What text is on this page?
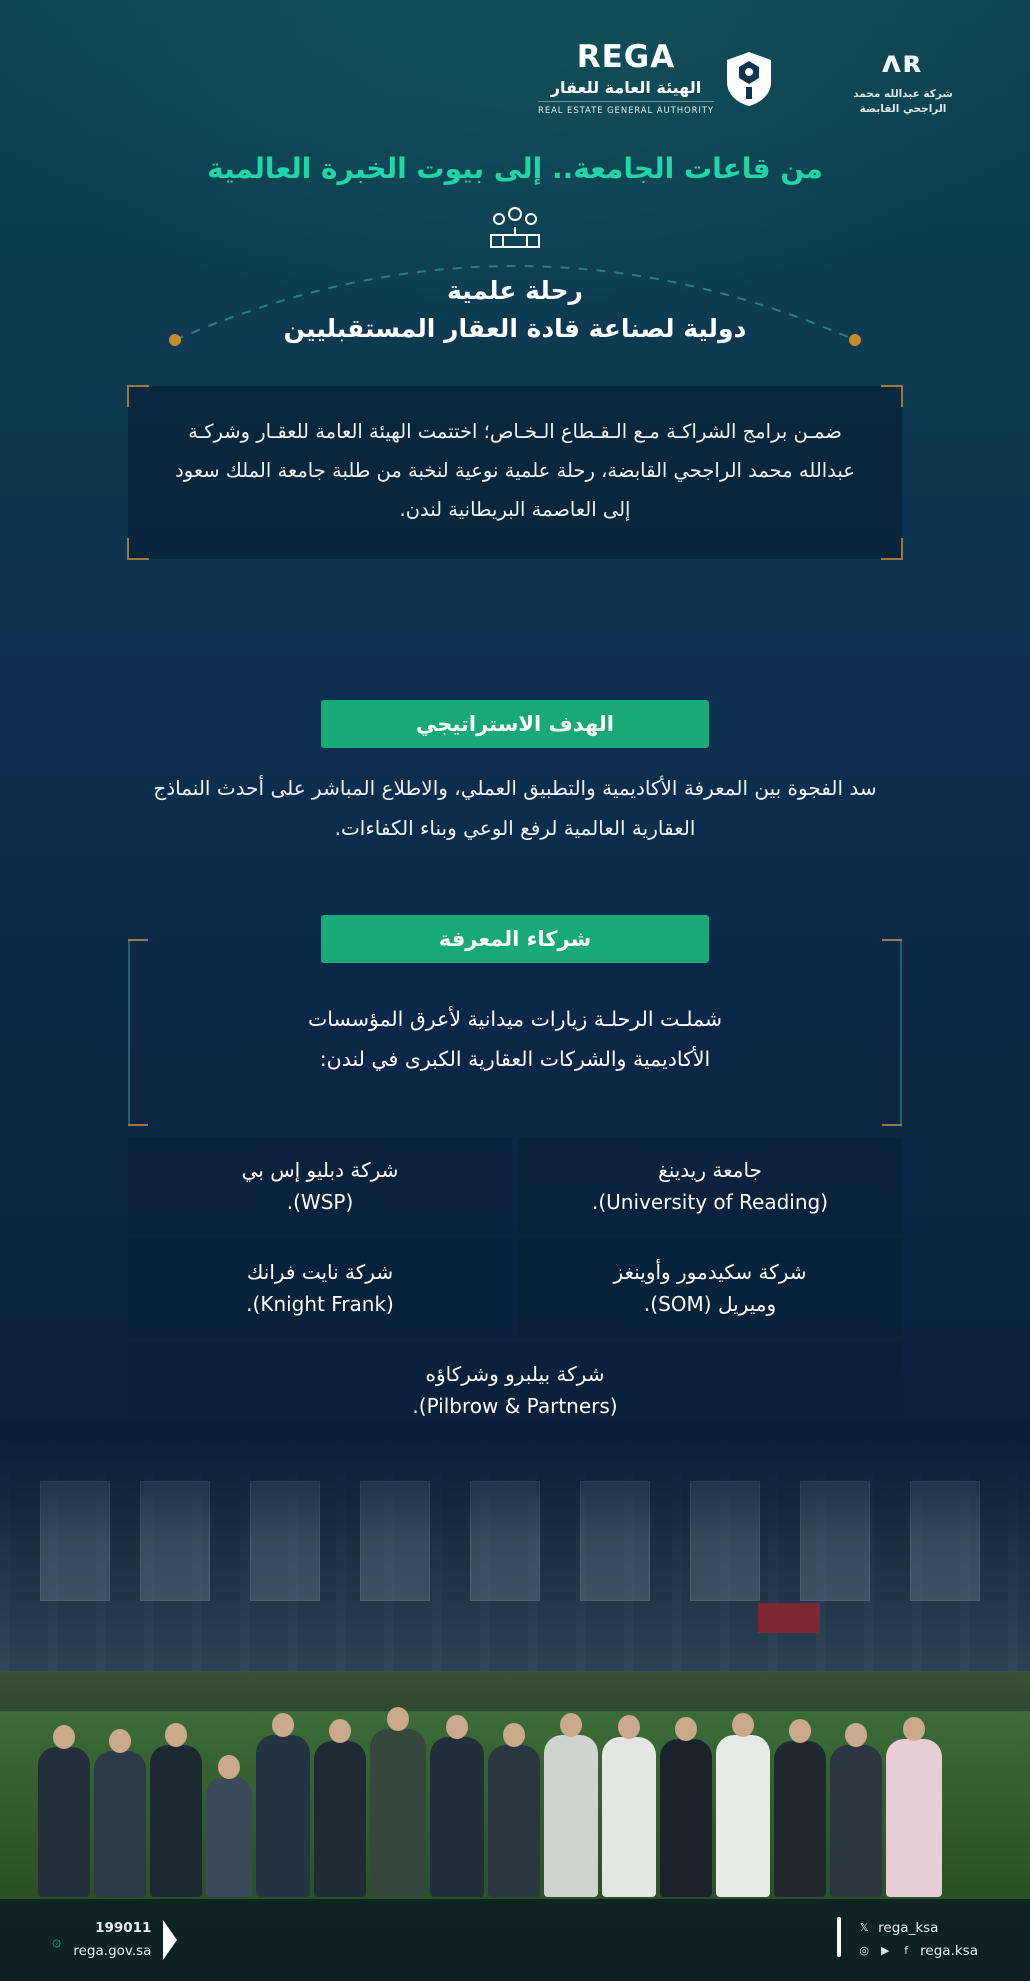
ʌʀ
شركة عبدالله محمد
الراجحي القابضة
REGA
الهيئة العامة للعقار
REAL ESTATE GENERAL AUTHORITY
من قاعات الجامعة.. إلى بيوت الخبرة العالمية
رحلة علمية
دولية لصناعة قادة العقار المستقبليين
ضمـن برامج الشراكـة مـع الـقـطاع الـخـاص؛ اختتمت الهيئة العامة للعقـار وشركـة عبدالله محمد الراجحي القابضة، رحلة علمية نوعية لنخبة من طلبة جامعة الملك سعود إلى العاصمة البريطانية لندن.
الهدف الاستراتيجي
سد الفجوة بين المعرفة الأكاديمية والتطبيق العملي، والاطلاع المباشر على أحدث النماذج العقارية العالمية لرفع الوعي وبناء الكفاءات.
شركاء المعرفة
شملـت الرحلـة زيارات ميدانية لأعرق المؤسسات
الأكاديمية والشركات العقارية الكبرى في لندن:
جامعة ريدينغ
(University of Reading).
شركة دبليو إس بي
(WSP).
شركة سكيدمور وأوينغز
وميريل (SOM).
شركة نايت فرانك
(Knight Frank).
شركة بيلبرو وشركاؤه
(Pilbrow & Partners).
𝕏 rega_ksa
◎ ▶	f rega.ksa
۞
199011
rega.gov.sa
